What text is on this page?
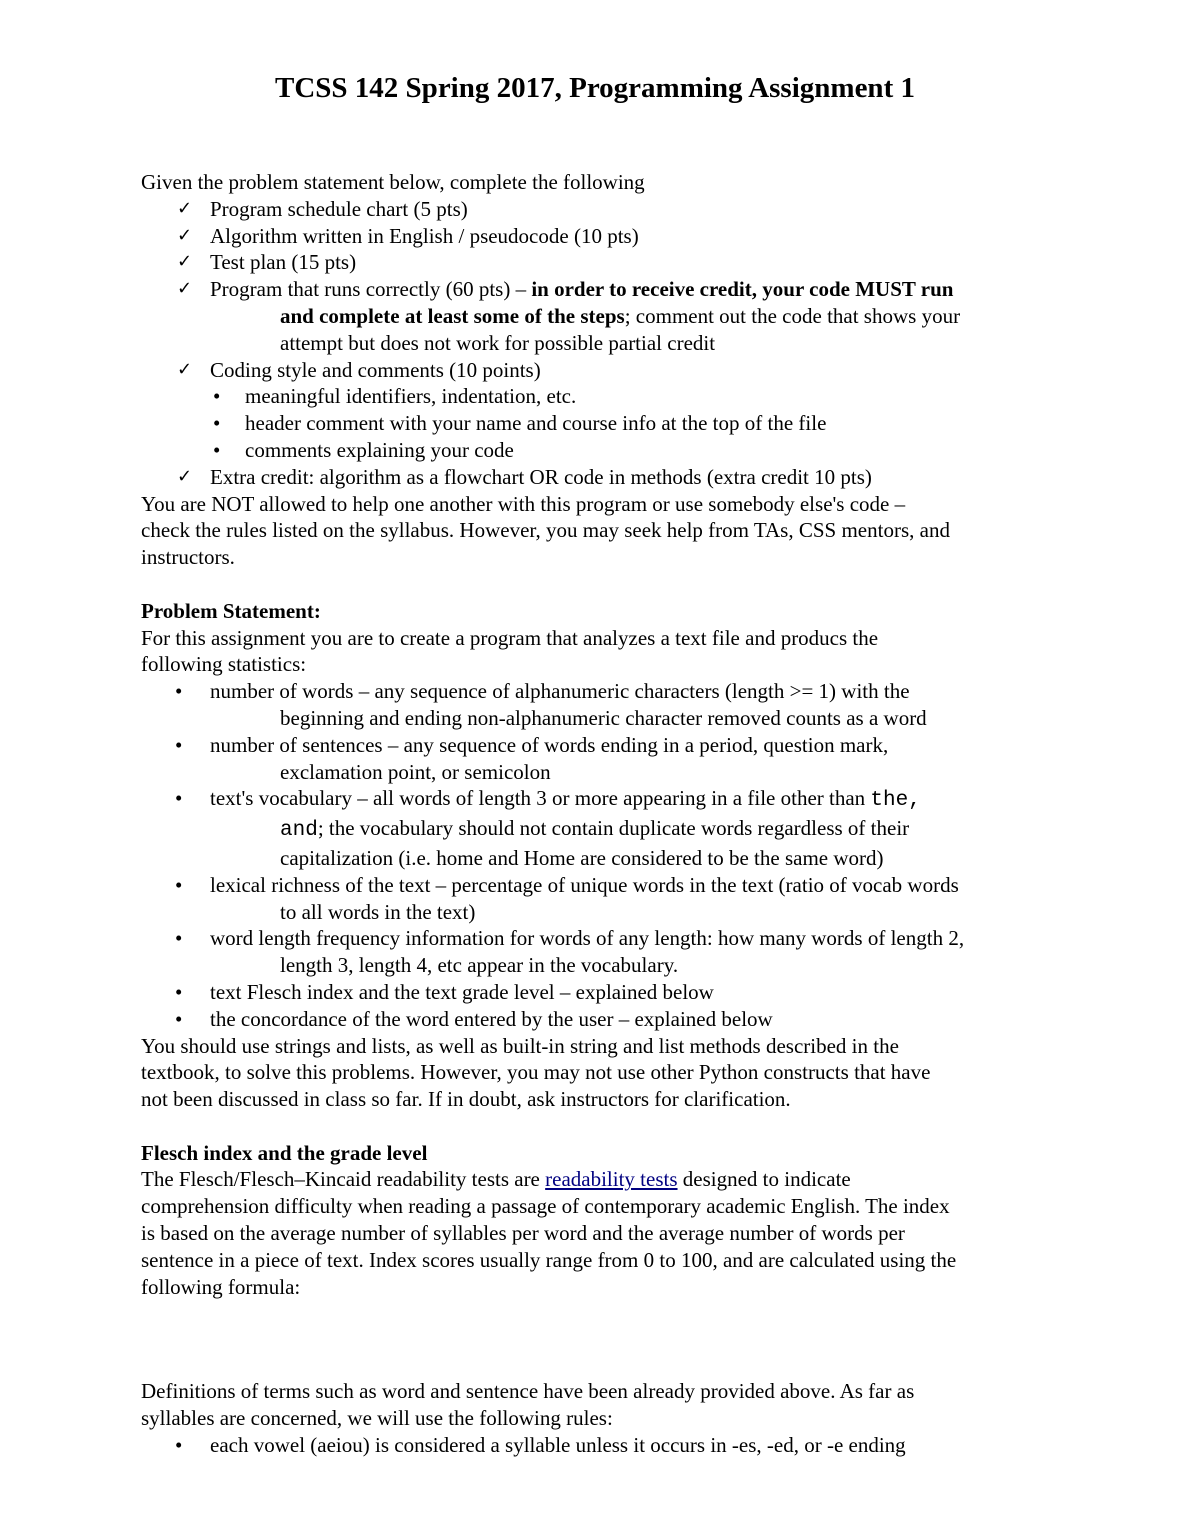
TCSS 142 Spring 2017, Programming Assignment 1

Given the problem statement below, complete the following

✓ Program schedule chart (5 pts)
✓ Algorithm written in English / pseudocode (10 pts)
✓ Test plan (15 pts)
✓ Program that runs correctly (60 pts) – in order to receive credit, your code MUST run
and complete at least some of the steps; comment out the code that shows your
attempt but does not work for possible partial credit
✓ Coding style and comments (10 points)
• meaningful identifiers, indentation, etc.
• header comment with your name and course info at the top of the file
• comments explaining your code
✓ Extra credit: algorithm as a flowchart OR code in methods (extra credit 10 pts)

You are NOT allowed to help one another with this program or use somebody else's code –

check the rules listed on the syllabus. However, you may seek help from TAs, CSS mentors, and

instructors.

Problem Statement:

For this assignment you are to create a program that analyzes a text file and producs the

following statistics:

• number of words – any sequence of alphanumeric characters (length >= 1) with the
beginning and ending non-alphanumeric character removed counts as a word
• number of sentences – any sequence of words ending in a period, question mark,
exclamation point, or semicolon
• text's vocabulary – all words of length 3 or more appearing in a file other than the,
and; the vocabulary should not contain duplicate words regardless of their
capitalization (i.e. home and Home are considered to be the same word)
• lexical richness of the text – percentage of unique words in the text (ratio of vocab words
to all words in the text)
• word length frequency information for words of any length: how many words of length 2,
length 3, length 4, etc appear in the vocabulary.
• text Flesch index and the text grade level – explained below
• the concordance of the word entered by the user – explained below

You should use strings and lists, as well as built-in string and list methods described in the

textbook, to solve this problems. However, you may not use other Python constructs that have

not been discussed in class so far. If in doubt, ask instructors for clarification.

Flesch index and the grade level

The Flesch/Flesch–Kincaid readability tests are readability tests designed to indicate

comprehension difficulty when reading a passage of contemporary academic English. The index

is based on the average number of syllables per word and the average number of words per

sentence in a piece of text. Index scores usually range from 0 to 100, and are calculated using the

following formula:

Definitions of terms such as word and sentence have been already provided above. As far as

syllables are concerned, we will use the following rules:

• each vowel (aeiou) is considered a syllable unless it occurs in -es, -ed, or -e ending
